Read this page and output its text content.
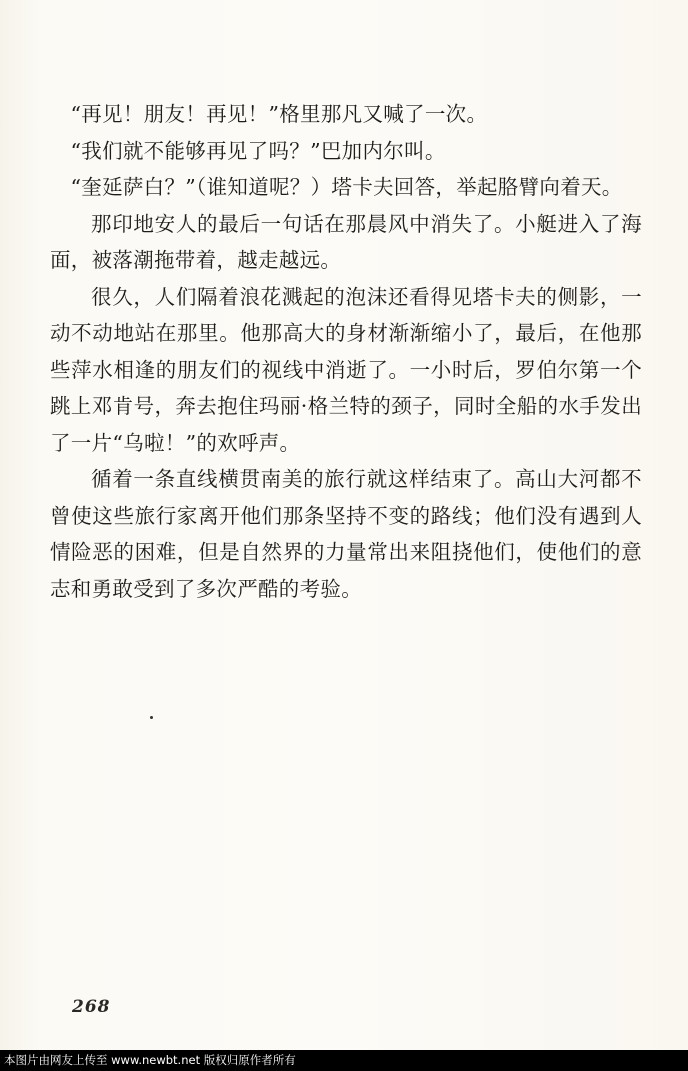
“再见！朋友！再见！”格里那凡又喊了一次。

“我们就不能够再见了吗？”巴加内尔叫。

“奎延萨白？”（谁知道呢？）塔卡夫回答，举起胳臂向着天。

那印地安人的最后一句话在那晨风中消失了。小艇进入了海面，被落潮拖带着，越走越远。

很久，人们隔着浪花溅起的泡沫还看得见塔卡夫的侧影，一动不动地站在那里。他那高大的身材渐渐缩小了，最后，在他那些萍水相逢的朋友们的视线中消逝了。一小时后，罗伯尔第一个跳上邓肯号，奔去抱住玛丽·格兰特的颈子，同时全船的水手发出了一片“乌啦！”的欢呼声。

循着一条直线横贯南美的旅行就这样结束了。高山大河都不曾使这些旅行家离开他们那条坚持不变的路线；他们没有遇到人情险恶的困难，但是自然界的力量常出来阻挠他们，使他们的意志和勇敢受到了多次严酷的考验。

268
本图片由网友上传至 www.newbt.net 版权归原作者所有
